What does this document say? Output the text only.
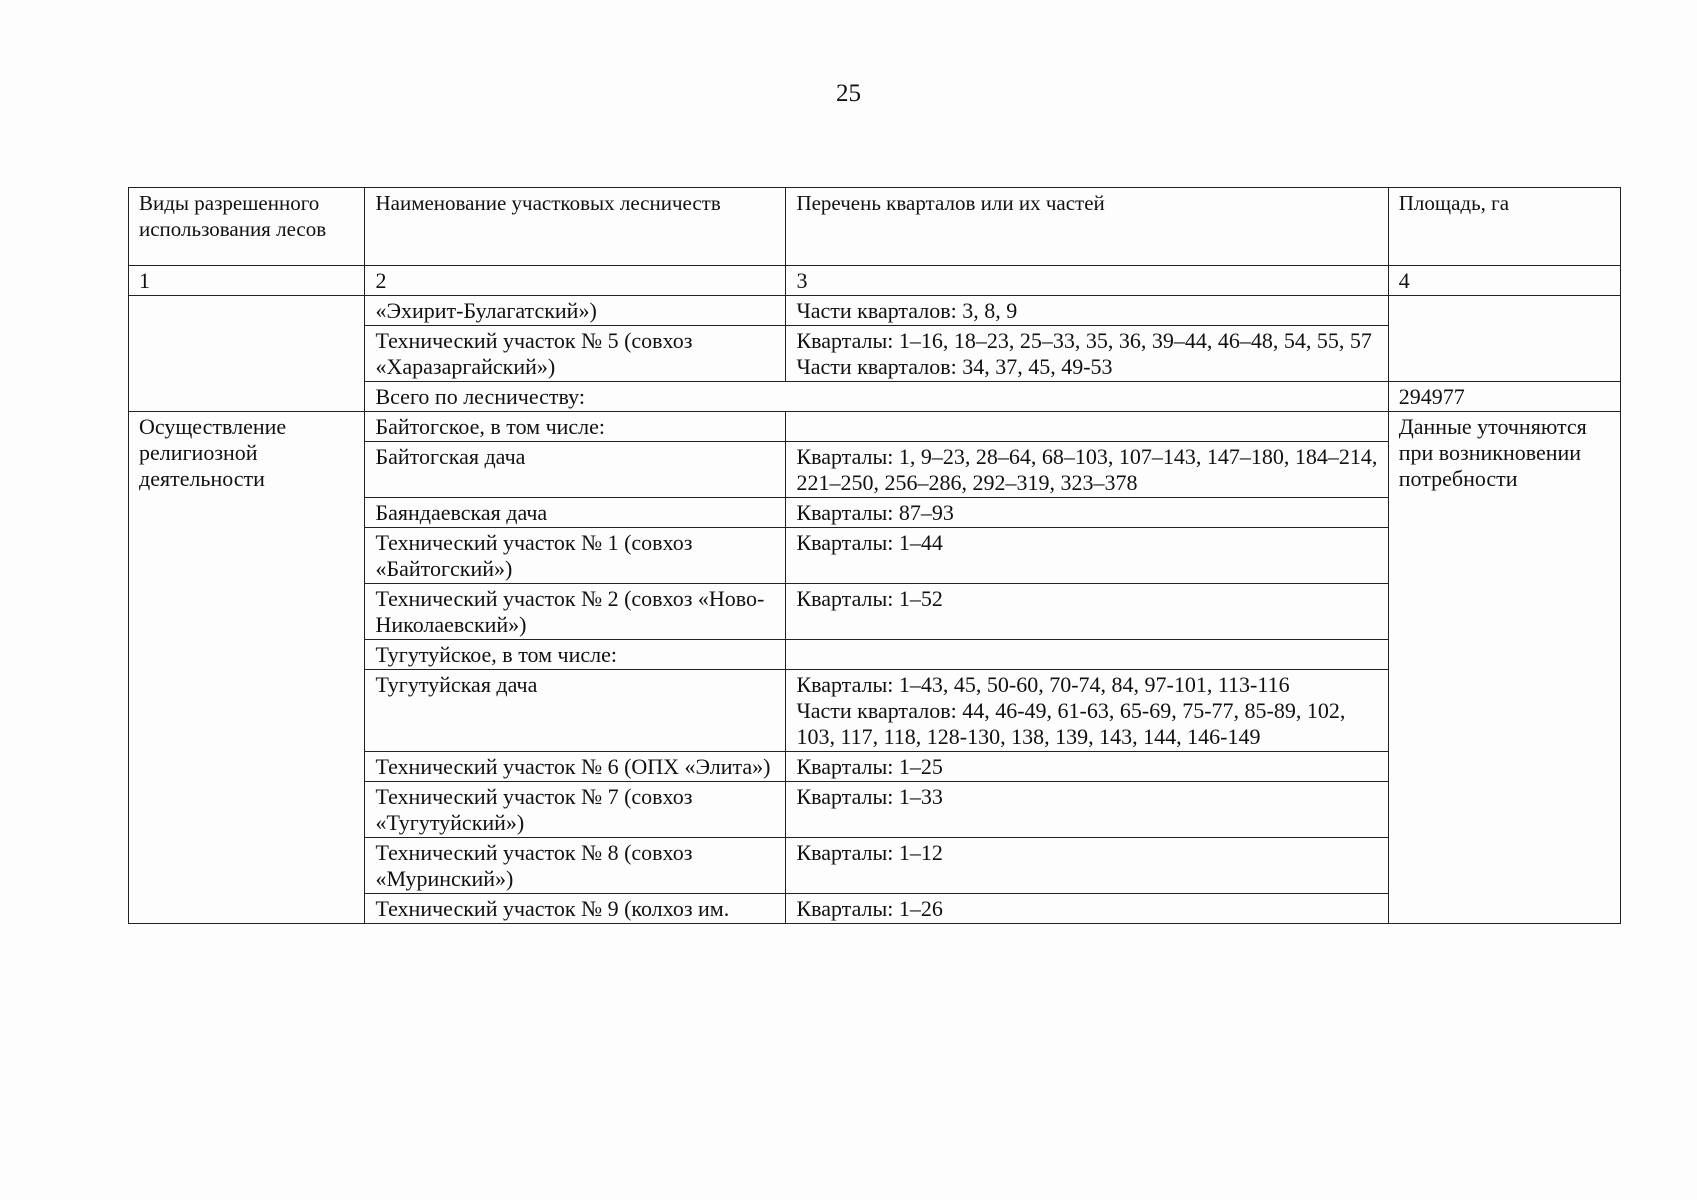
25
Виды разрешенного использования лесов	Наименование участковых лесничеств	Перечень кварталов или их частей	Площадь, га
1	2	3	4
	«Эхирит-Булагатский»)	Части кварталов: 3, 8, 9	
	Технический участок № 5 (совхоз «Харазаргайский»)	Кварталы: 1–16, 18–23, 25–33, 35, 36, 39–44, 46–48, 54, 55, 57
Части кварталов: 34, 37, 45, 49-53	

	Всего по лесничеству:		294977
Осуществление религиозной деятельности	Байтогское, в том числе:		Данные уточняются при возникновении потребности
	Байтогская дача	Кварталы: 1, 9–23, 28–64, 68–103, 107–143, 147–180, 184–214, 221–250, 256–286, 292–319, 323–378	
	Баяндаевская дача	Кварталы: 87–93	
	Технический участок № 1 (совхоз «Байтогский»)	Кварталы: 1–44	
	Технический участок № 2 (совхоз «Ново-Николаевский»)	Кварталы: 1–52	
	Тугутуйское, в том числе:		
	Тугутуйская дача	Кварталы: 1–43, 45, 50-60, 70-74, 84, 97-101, 113-116
Части кварталов: 44, 46-49, 61-63, 65-69, 75-77, 85-89, 102, 103, 117, 118, 128-130, 138, 139, 143, 144, 146-149	

	Технический участок № 6 (ОПХ «Элита»)	Кварталы: 1–25	
	Технический участок № 7 (совхоз «Тугутуйский»)	Кварталы: 1–33	
	Технический участок № 8 (совхоз «Муринский»)	Кварталы: 1–12	
	Технический участок № 9 (колхоз им.	Кварталы: 1–26	
